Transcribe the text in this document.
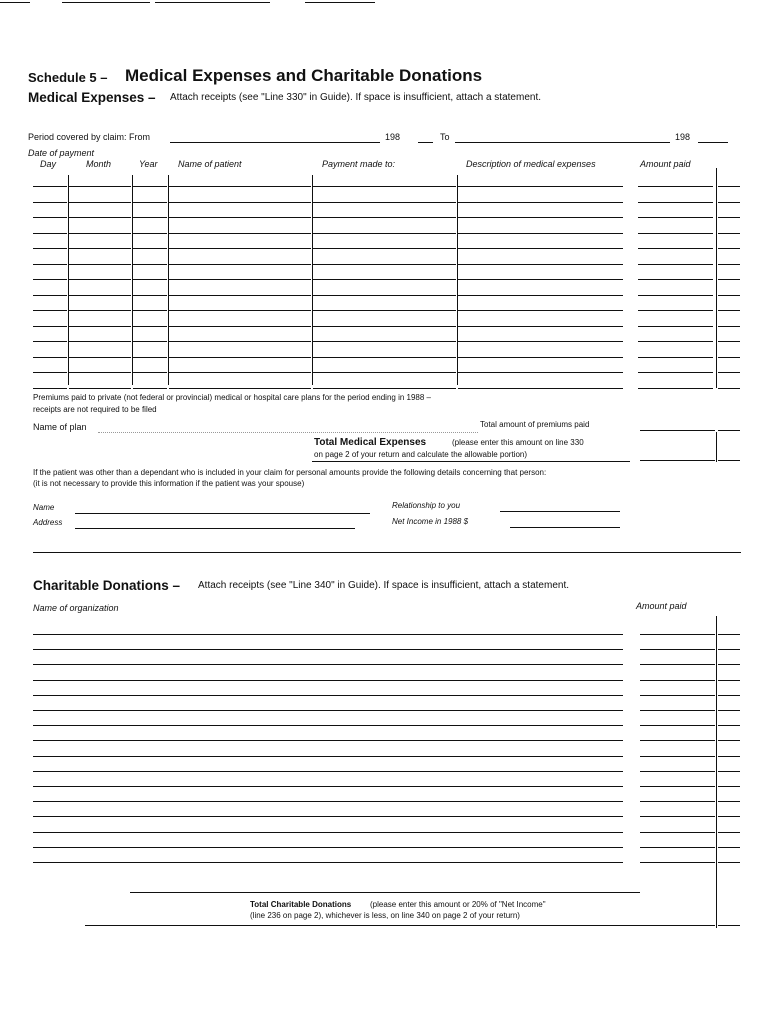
Schedule 5 – Medical Expenses and Charitable Donations
Medical Expenses – Attach receipts (see "Line 330" in Guide). If space is insufficient, attach a statement.
Period covered by claim: From	198	To	198
Date of payment
Day	Month	Year Name of patient	Payment made to:	Description of medical expenses	Amount paid
Premiums paid to private (not federal or provincial) medical or hospital care plans for the period ending in 1988 –
receipts are not required to be filed
Name of plan	Total amount of premiums paid
Total Medical Expenses	(please enter this amount on line 330
on page 2 of your return and calculate the allowable portion)
If the patient was other than a dependant who is included in your claim for personal amounts provide the following details concerning that person:
(it is not necessary to provide this information if the patient was your spouse)
Name	Relationship to you
Address	Net Income in 1988 $
Charitable Donations – Attach receipts (see "Line 340" in Guide). If space is insufficient, attach a statement.
Name of organization	Amount paid
Total Charitable Donations (please enter this amount or 20% of "Net Income"
(line 236 on page 2), whichever is less, on line 340 on page 2 of your return)
